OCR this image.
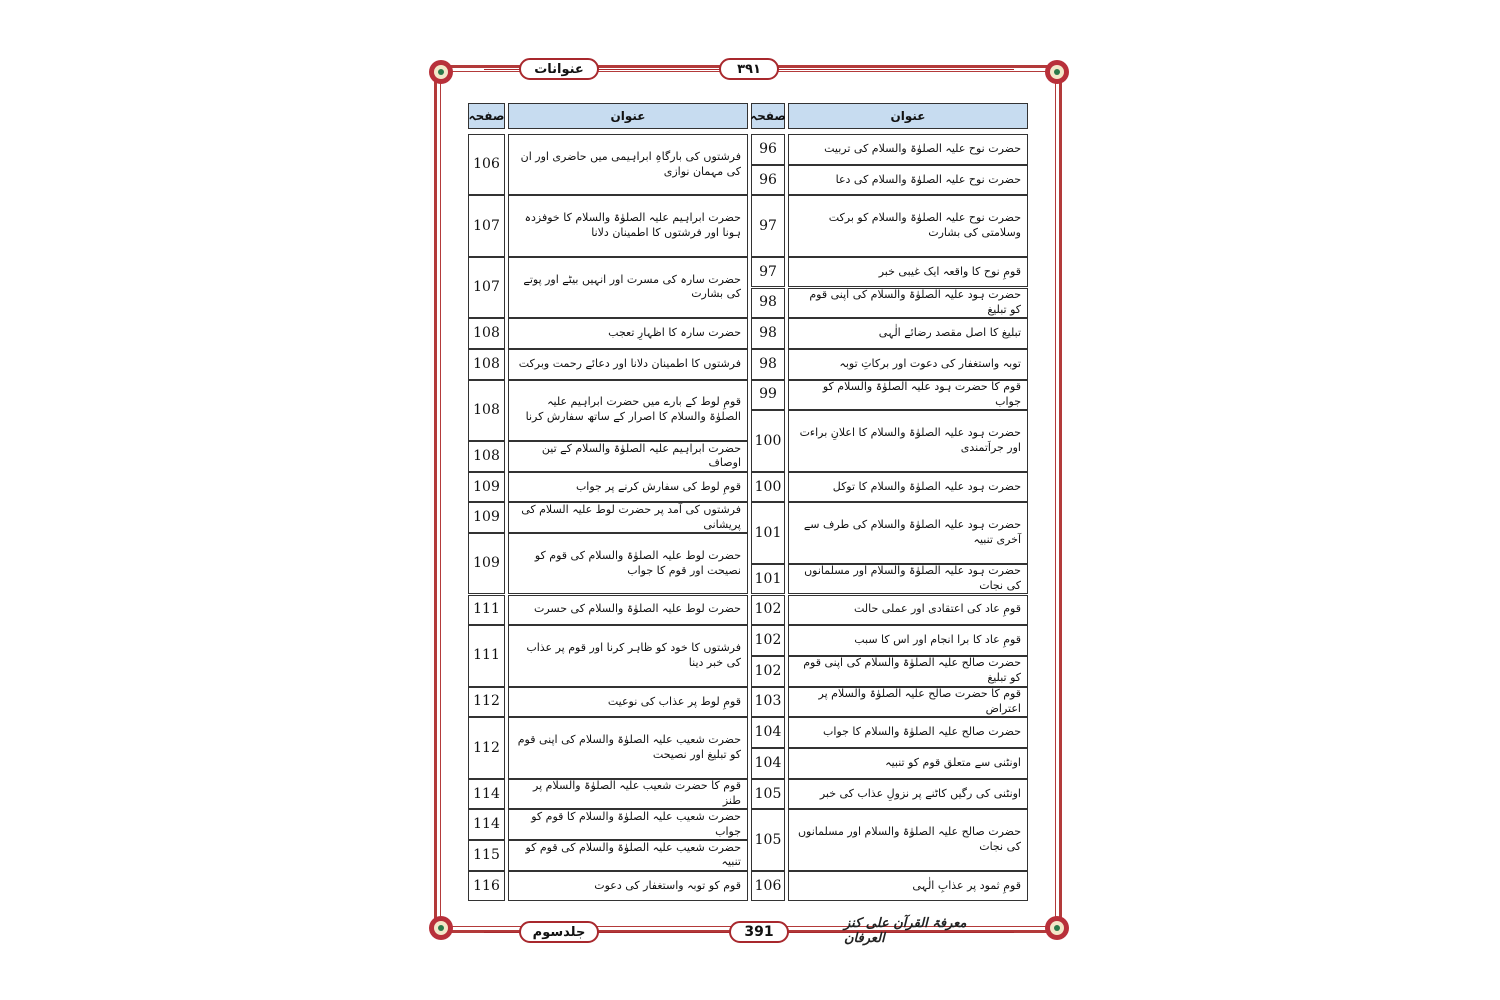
عنوانات	۳۹۱
عنوان
صفحہ
عنوان
صفحہ
حضرت نوح علیہ الصلوٰۃ والسلام کی تربیت
96
حضرت نوح علیہ الصلوٰۃ والسلام کی دعا
96
حضرت نوح علیہ الصلوٰۃ والسلام کو برکت وسلامتی کی بشارت
97
قومِ نوح کا واقعہ ایک غیبی خبر
97
حضرت ہود علیہ الصلوٰۃ والسلام کی اپنی قوم کو تبلیغ
98
تبلیغ کا اصل مقصد رضائے الٰہی
98
توبہ واستغفار کی دعوت اور برکاتِ توبہ
98
قوم کا حضرت ہود علیہ الصلوٰۃ والسلام کو جواب
99
حضرت ہود علیہ الصلوٰۃ والسلام کا اعلانِ براءت اور جراَتمندی
100
حضرت ہود علیہ الصلوٰۃ والسلام کا توکل
100
حضرت ہود علیہ الصلوٰۃ والسلام کی طرف سے آخری تنبیہ
101
حضرت ہود علیہ الصلوٰۃ والسلام اور مسلمانوں کی نجات
101
قومِ عاد کی اعتقادی اور عملی حالت
102
قومِ عاد کا برا انجام اور اس کا سبب
102
حضرت صالح علیہ الصلوٰۃ والسلام کی اپنی قوم کو تبلیغ
102
قوم کا حضرت صالح علیہ الصلوٰۃ والسلام پر اعتراض
103
حضرت صالح علیہ الصلوٰۃ والسلام کا جواب
104
اونٹنی سے متعلق قوم کو تنبیہ
104
اونٹنی کی رگیں کاٹنے پر نزولِ عذاب کی خبر
105
حضرت صالح علیہ الصلوٰۃ والسلام اور مسلمانوں کی نجات
105
قومِ ثمود پر عذابِ الٰہی
106
فرشتوں کی بارگاہِ ابراہیمی میں حاضری اور ان کی مہمان نوازی
106
حضرت ابراہیم علیہ الصلوٰۃ والسلام کا خوفزدہ ہونا اور فرشتوں کا اطمینان دلانا
107
حضرت سارہ کی مسرت اور انہیں بیٹے اور پوتے کی بشارت
107
حضرت سارہ کا اظہارِ تعجب
108
فرشتوں کا اطمینان دلانا اور دعائے رحمت وبرکت
108
قومِ لوط کے بارے میں حضرت ابراہیم علیہ الصلوٰۃ والسلام کا اصرار کے ساتھ سفارش کرنا
108
حضرت ابراہیم علیہ الصلوٰۃ والسلام کے تین اوصاف
108
قومِ لوط کی سفارش کرنے پر جواب
109
فرشتوں کی آمد پر حضرت لوط علیہ السلام کی پریشانی
109
حضرت لوط علیہ الصلوٰۃ والسلام کی قوم کو نصیحت اور قوم کا جواب
109
حضرت لوط علیہ الصلوٰۃ والسلام کی حسرت
111
فرشتوں کا خود کو ظاہر کرنا اور قوم پر عذاب کی خبر دینا
111
قومِ لوط پر عذاب کی نوعیت
112
حضرت شعیب علیہ الصلوٰۃ والسلام کی اپنی قوم کو تبلیغ اور نصیحت
112
قوم کا حضرت شعیب علیہ الصلوٰۃ والسلام پر طنز
114
حضرت شعیب علیہ الصلوٰۃ والسلام کا قوم کو جواب
114
حضرت شعیب علیہ الصلوٰۃ والسلام کی قوم کو تنبیہ
115
قوم کو توبہ واستغفار کی دعوت
116
جلدسوم	391
معرفۃ القرآن علی کنز العرفان
